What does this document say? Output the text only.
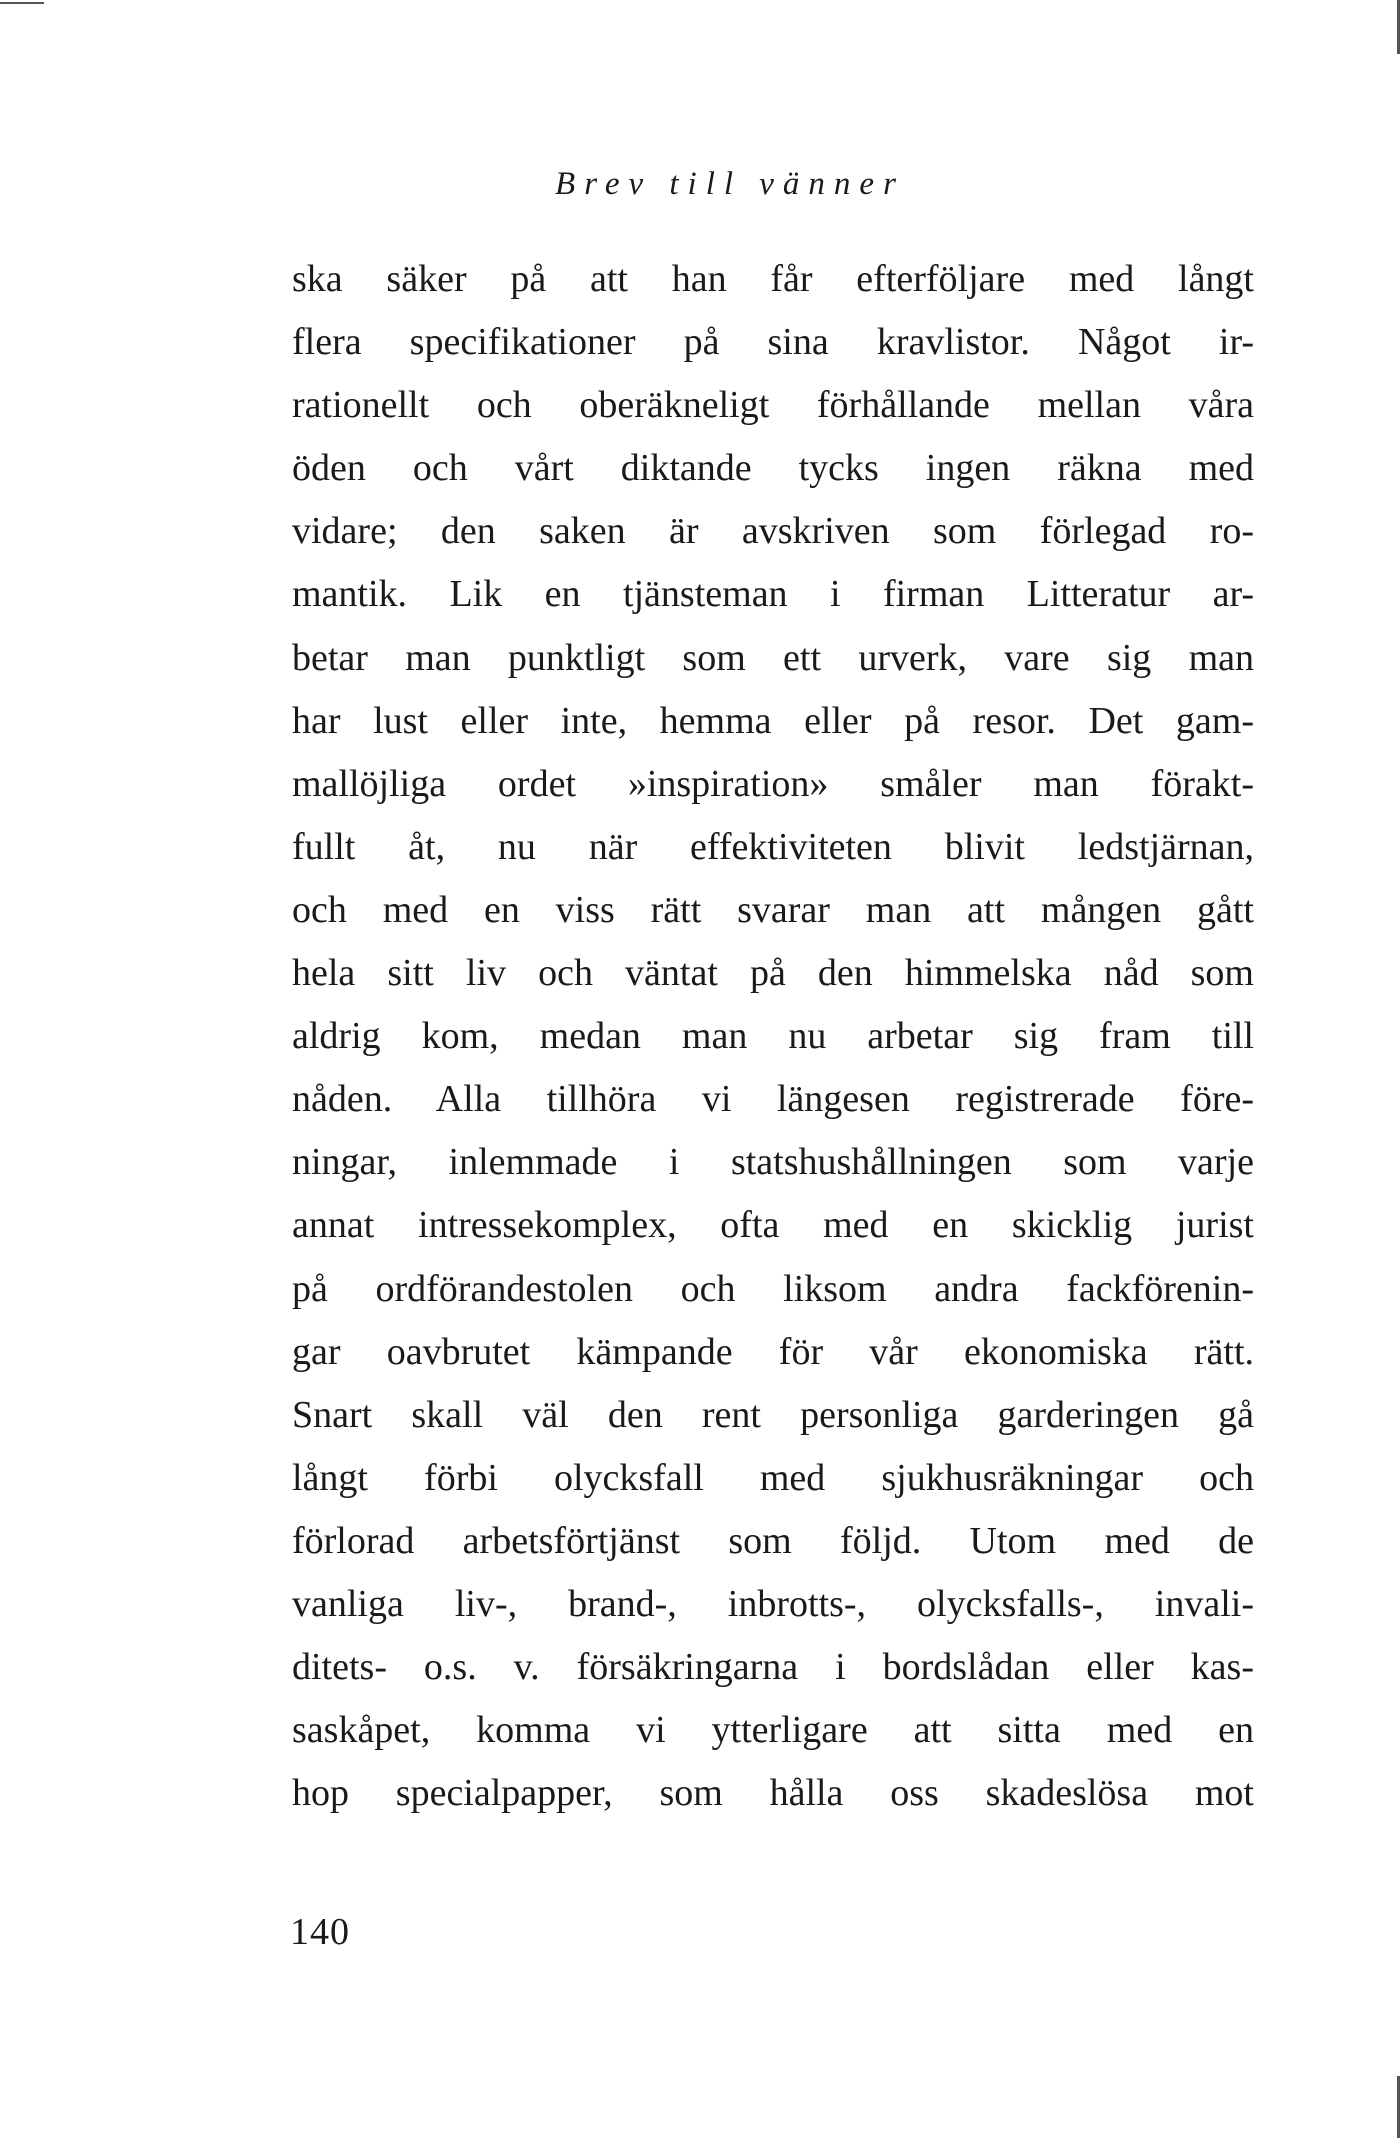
Brev till vänner
ska säker på att han får efterföljare med långt
flera specifikationer på sina kravlistor. Något ir-
rationellt och oberäkneligt förhållande mellan våra
öden och vårt diktande tycks ingen räkna med
vidare; den saken är avskriven som förlegad ro-
mantik. Lik en tjänsteman i firman Litteratur ar-
betar man punktligt som ett urverk, vare sig man
har lust eller inte, hemma eller på resor. Det gam-
mallöjliga ordet »inspiration» småler man förakt-
fullt åt, nu när effektiviteten blivit ledstjärnan,
och med en viss rätt svarar man att mången gått
hela sitt liv och väntat på den himmelska nåd som
aldrig kom, medan man nu arbetar sig fram till
nåden. Alla tillhöra vi längesen registrerade före-
ningar, inlemmade i statshushållningen som varje
annat intressekomplex, ofta med en skicklig jurist
på ordförandestolen och liksom andra fackförenin-
gar oavbrutet kämpande för vår ekonomiska rätt.
Snart skall väl den rent personliga garderingen gå
långt förbi olycksfall med sjukhusräkningar och
förlorad arbetsförtjänst som följd. Utom med de
vanliga liv-, brand-, inbrotts-, olycksfalls-, invali-
ditets- o.s. v. försäkringarna i bordslådan eller kas-
saskåpet, komma vi ytterligare att sitta med en
hop specialpapper, som hålla oss skadeslösa mot
140
